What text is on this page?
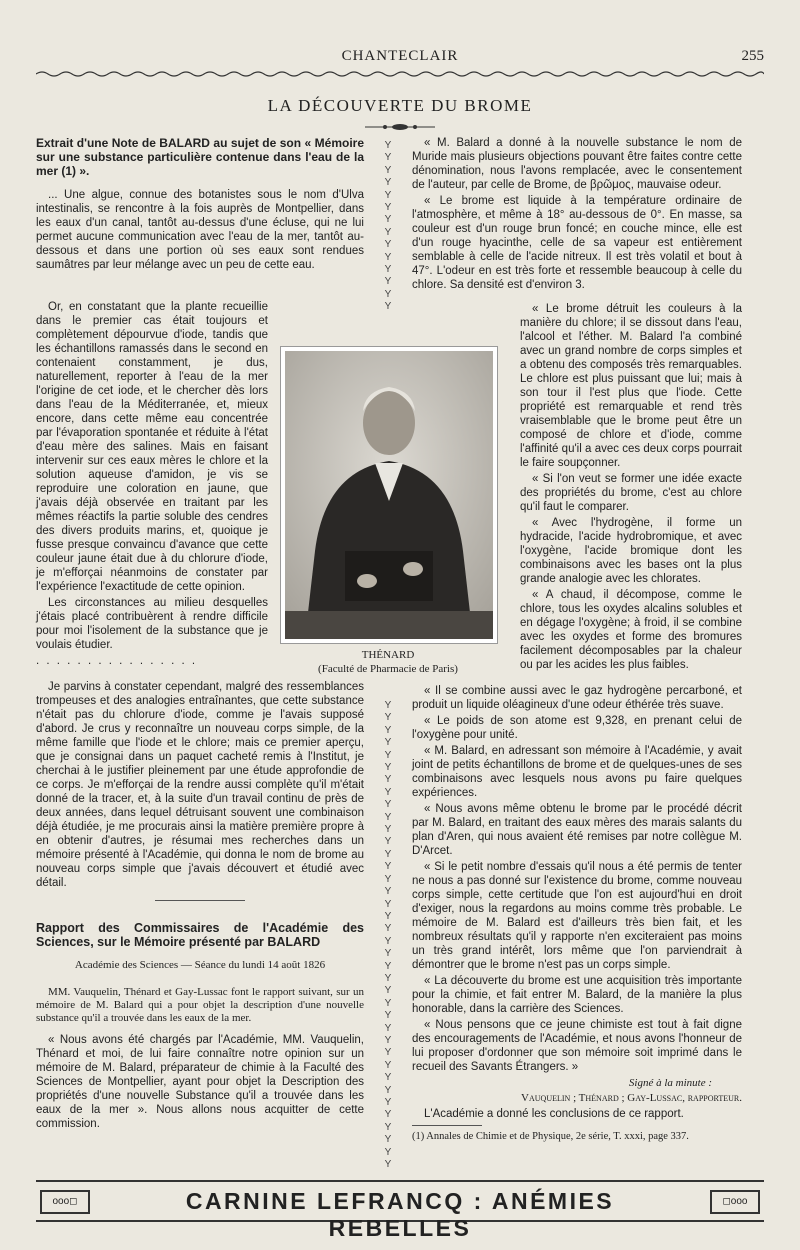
CHANTECLAIR	255
LA DÉCOUVERTE DU BROME
Extrait d'une Note de BALARD au sujet de son « Mémoire sur une substance particulière contenue dans l'eau de la mer (1) ».

... Une algue, connue des botanistes sous le nom d'Ulva intestinalis, se rencontre à la fois auprès de Montpellier, dans les eaux d'un canal, tantôt au-dessus d'une écluse, qui ne lui permet aucune communication avec l'eau de la mer, tantôt au-dessous et dans une portion où ses eaux sont rendues saumâtres par leur mélange avec un peu de cette eau.

Or, en constatant que la plante recueillie dans le premier cas était toujours et complètement dépourvue d'iode, tandis que les échantillons ramassés dans le second en contenaient constamment, je dus, naturellement, reporter à l'eau de la mer l'origine de cet iode, et le chercher dès lors dans l'eau de la Méditerranée, et, mieux encore, dans cette même eau concentrée par l'évaporation spontanée et réduite à l'état d'eau mère des salines. Mais en faisant intervenir sur ces eaux mères le chlore et la solution aqueuse d'amidon, je vis se reproduire une coloration en jaune, que j'avais déjà observée en traitant par les mêmes réactifs la partie soluble des cendres des divers produits marins, et, quoique je fusse presque convaincu d'avance que cette couleur jaune était due à du chlorure d'iode, je m'efforçai néanmoins de constater par l'expérience l'exactitude de cette opinion.

Les circonstances au milieu desquelles j'étais placé contribuèrent à rendre difficile pour moi l'isolement de la substance que je voulais étudier.

. . . . . . . . . . . . . . . .	THÉNARD
(Faculté de Pharmacie de Paris)

Je parvins à constater cependant, malgré des ressemblances trompeuses et des analogies entraînantes, que cette substance n'était pas du chlorure d'iode, comme je l'avais supposé d'abord. Je crus y reconnaître un nouveau corps simple, de la même famille que l'iode et le chlore; mais ce premier aperçu, que je consignai dans un paquet cacheté remis à l'Institut, je cherchai à le justifier pleinement par une étude approfondie de ce corps. Je m'efforçai de la rendre aussi complète qu'il m'était donné de la tracer, et, à la suite d'un travail continu de près de deux années, dans lequel détruisant souvent une combinaison déjà étudiée, je me procurais ainsi la matière première propre à en obtenir d'autres, je résumai mes recherches dans un mémoire présenté à l'Académie, qui donna le nom de brome au nouveau corps simple que j'avais découvert et étudié avec détail.

Rapport des Commissaires de l'Académie des Sciences, sur le Mémoire présenté par BALARD
Académie des Sciences — Séance du lundi 14 août 1826

MM. Vauquelin, Thénard et Gay-Lussac font le rapport suivant, sur un mémoire de M. Balard qui a pour objet la description d'une nouvelle substance qu'il a trouvée dans les eaux de la mer.

« Nous avons été chargés par l'Académie, MM. Vauquelin, Thénard et moi, de lui faire connaître notre opinion sur un mémoire de M. Balard, préparateur de chimie à la Faculté des Sciences de Montpellier, ayant pour objet la Description des propriétés d'une nouvelle Substance qu'il a trouvée dans les eaux de la mer ». Nous allons nous acquitter de cette commission.

Y
Y
Y
Y
Y
Y
Y
Y
Y
Y
Y
Y
Y
Y
Y
Y
Y
Y
Y
Y
Y
Y
Y
Y
Y
Y
Y
Y
Y
Y
Y
Y
Y
Y
Y
Y
Y
Y
Y
Y
Y
Y
Y
Y
Y
Y
Y
Y
Y
Y
Y
Y

« M. Balard a donné à la nouvelle substance le nom de Muride mais plusieurs objections pouvant être faites contre cette dénomination, nous l'avons remplacée, avec le consentement de l'auteur, par celle de Brome, de βρῶμος, mauvaise odeur.

« Le brome est liquide à la température ordinaire de l'atmosphère, et même à 18° au-dessous de 0°. En masse, sa couleur est d'un rouge brun foncé; en couche mince, elle est d'un rouge hyacinthe, celle de sa vapeur est entièrement semblable à celle de l'acide nitreux. Il est très volatil et bout à 47°. L'odeur en est très forte et ressemble beaucoup à celle du chlore. Sa densité est d'environ 3.

« Le brome détruit les couleurs à la manière du chlore; il se dissout dans l'eau, l'alcool et l'éther. M. Balard l'a combiné avec un grand nombre de corps simples et a obtenu des composés très remarquables. Le chlore est plus puissant que lui; mais à son tour il l'est plus que l'iode. Cette propriété est remarquable et rend très vraisemblable que le brome peut être un composé de chlore et d'iode, comme l'affinité qu'il a avec ces deux corps pourrait le faire soupçonner.

« Si l'on veut se former une idée exacte des propriétés du brome, c'est au chlore qu'il faut le comparer.

« Avec l'hydrogène, il forme un hydracide, l'acide hydrobromique, et avec l'oxygène, l'acide bromique dont les combinaisons avec les bases ont la plus grande analogie avec les chlorates.

« A chaud, il décompose, comme le chlore, tous les oxydes alcalins solubles et en dégage l'oxygène; à froid, il se combine avec les oxydes et forme des bromures facilement décomposables par la chaleur ou par les acides les plus faibles.

« Il se combine aussi avec le gaz hydrogène percarboné, et produit un liquide oléagineux d'une odeur éthérée très suave.

« Le poids de son atome est 9,328, en prenant celui de l'oxygène pour unité.

« M. Balard, en adressant son mémoire à l'Académie, y avait joint de petits échantillons de brome et de quelques-unes de ses combinaisons avec lesquels nous avons pu faire quelques expériences.

« Nous avons même obtenu le brome par le procédé décrit par M. Balard, en traitant des eaux mères des marais salants du plan d'Aren, qui nous avaient été remises par notre collègue M. D'Arcet.

« Si le petit nombre d'essais qu'il nous a été permis de tenter ne nous a pas donné sur l'existence du brome, comme nouveau corps simple, cette certitude que l'on est aujourd'hui en droit d'exiger, nous la regardons au moins comme très probable. Le mémoire de M. Balard est d'ailleurs très bien fait, et les nombreux résultats qu'il y rapporte n'en exciteraient pas moins un très grand intérêt, lors même que l'on parviendrait à démontrer que le brome n'est pas un corps simple.

« La découverte du brome est une acquisition très importante pour la chimie, et fait entrer M. Balard, de la manière la plus honorable, dans la carrière des Sciences.

« Nous pensons que ce jeune chimiste est tout à fait digne des encouragements de l'Académie, et nous avons l'honneur de lui proposer d'ordonner que son mémoire soit imprimé dans le recueil des Savants Étrangers. »

Signé à la minute :

Vauquelin ; Thénard ; Gay-Lussac, rapporteur.

L'Académie a donné les conclusions de ce rapport.

(1) Annales de Chimie et de Physique, 2e série, T. xxxi, page 337.
ooo◻	CARNINE LEFRANCQ : ANÉMIES REBELLES
◻ooo
